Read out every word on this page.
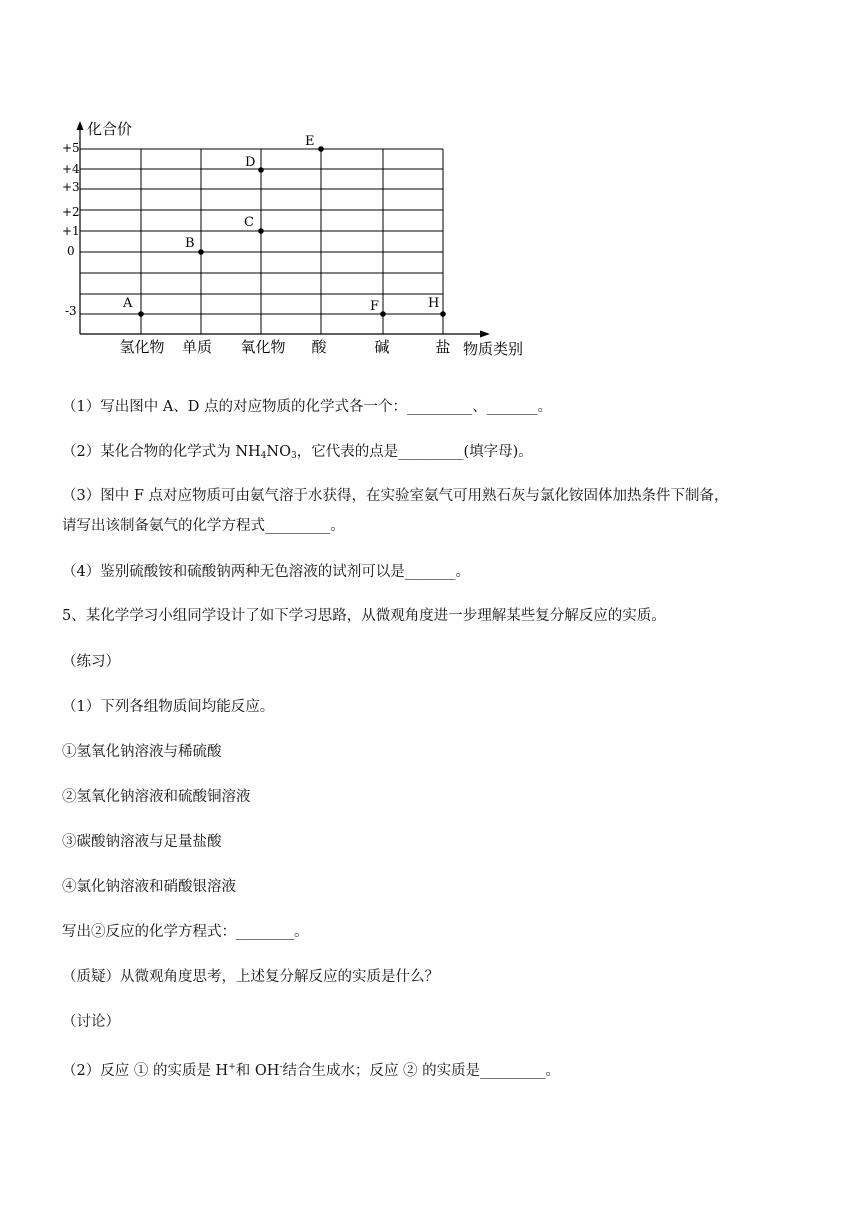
化合价
物质类别
+5
+4
+3
+2
+1
0
-3
氢化物 单质 氧化物 酸	碱	盐
A
B
C
D
E
F	H
（1）写出图中 A、D 点的对应物质的化学式各一个：_________、_______。
（2）某化合物的化学式为 $NH_4NO_3$，它代表的点是_________(填字母)。
（3）图中 F 点对应物质可由氨气溶于水获得，在实验室氨气可用熟石灰与氯化铵固体加热条件下制备，
请写出该制备氨气的化学方程式_________。
（4）鉴别硫酸铵和硫酸钠两种无色溶液的试剂可以是_______。
5、某化学学习小组同学设计了如下学习思路，从微观角度进一步理解某些复分解反应的实质。
（练习）
（1）下列各组物质间均能反应。
①氢氧化钠溶液与稀硫酸
②氢氧化钠溶液和硫酸铜溶液
③碳酸钠溶液与足量盐酸
④氯化钠溶液和硝酸银溶液
写出②反应的化学方程式：________。
（质疑）从微观角度思考，上述复分解反应的实质是什么？
（讨论）
（2）反应 ① 的实质是 H+和 OH-结合生成水；反应 ② 的实质是_________。
